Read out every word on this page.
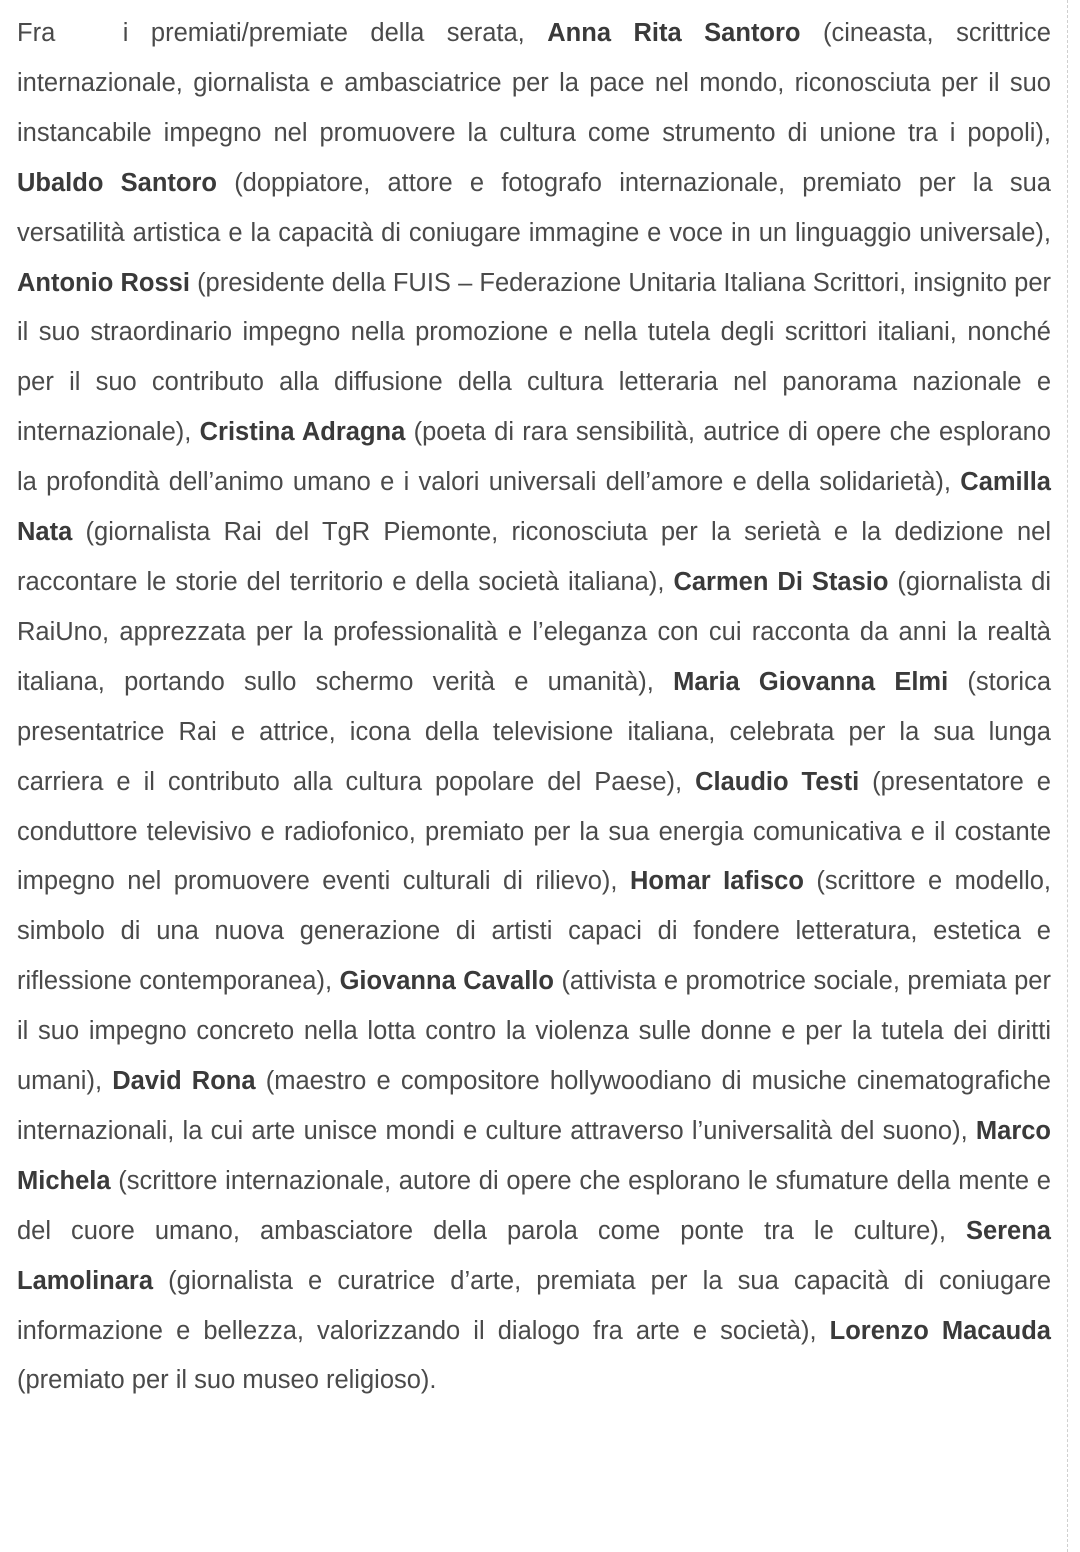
Fra   i premiati/premiate della serata, Anna Rita Santoro (cineasta, scrittrice internazionale, giornalista e ambasciatrice per la pace nel mondo, riconosciuta per il suo instancabile impegno nel promuovere la cultura come strumento di unione tra i popoli), Ubaldo Santoro (doppiatore, attore e fotografo internazionale, premiato per la sua versatilità artistica e la capacità di coniugare immagine e voce in un linguaggio universale), Antonio Rossi (presidente della FUIS – Federazione Unitaria Italiana Scrittori, insignito per il suo straordinario impegno nella promozione e nella tutela degli scrittori italiani, nonché per il suo contributo alla diffusione della cultura letteraria nel panorama nazionale e internazionale), Cristina Adragna (poeta di rara sensibilità, autrice di opere che esplorano la profondità dell’animo umano e i valori universali dell’amore e della solidarietà), Camilla Nata (giornalista Rai del TgR Piemonte, riconosciuta per la serietà e la dedizione nel raccontare le storie del territorio e della società italiana), Carmen Di Stasio (giornalista di RaiUno, apprezzata per la professionalità e l’eleganza con cui racconta da anni la realtà italiana, portando sullo schermo verità e umanità), Maria Giovanna Elmi (storica presentatrice Rai e attrice, icona della televisione italiana, celebrata per la sua lunga carriera e il contributo alla cultura popolare del Paese), Claudio Testi (presentatore e conduttore televisivo e radiofonico, premiato per la sua energia comunicativa e il costante impegno nel promuovere eventi culturali di rilievo), Homar Iafisco (scrittore e modello, simbolo di una nuova generazione di artisti capaci di fondere letteratura, estetica e riflessione contemporanea), Giovanna Cavallo (attivista e promotrice sociale, premiata per il suo impegno concreto nella lotta contro la violenza sulle donne e per la tutela dei diritti umani), David Rona (maestro e compositore hollywoodiano di musiche cinematografiche internazionali, la cui arte unisce mondi e culture attraverso l’universalità del suono), Marco Michela (scrittore internazionale, autore di opere che esplorano le sfumature della mente e del cuore umano, ambasciatore della parola come ponte tra le culture), Serena Lamolinara (giornalista e curatrice d’arte, premiata per la sua capacità di coniugare informazione e bellezza, valorizzando il dialogo fra arte e società), Lorenzo Macauda (premiato per il suo museo religioso).
